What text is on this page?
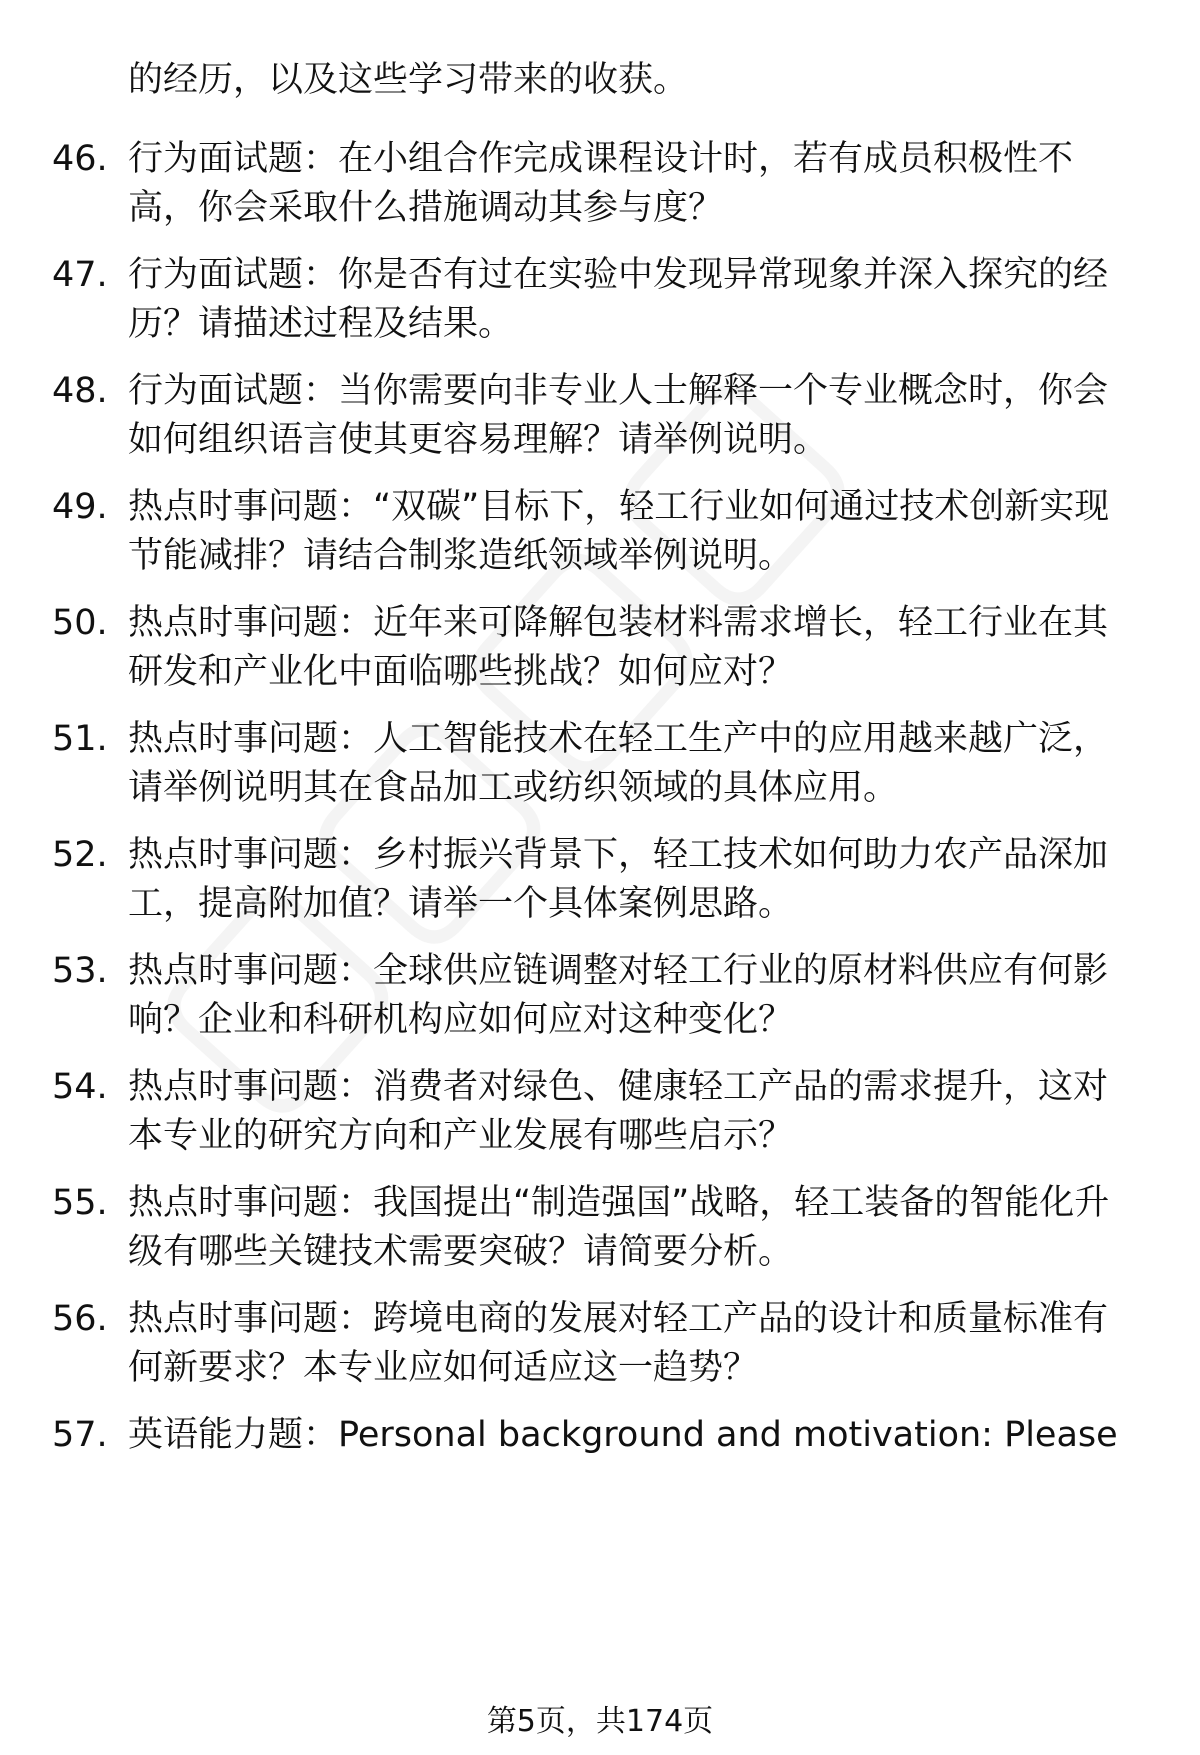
的经历，以及这些学习带来的收获。
46. 行为面试题：在小组合作完成课程设计时，若有成员积极性不高，你会采取什么措施调动其参与度？
47. 行为面试题：你是否有过在实验中发现异常现象并深入探究的经历？请描述过程及结果。
48. 行为面试题：当你需要向非专业人士解释一个专业概念时，你会如何组织语言使其更容易理解？请举例说明。
49. 热点时事问题：“双碳”目标下，轻工行业如何通过技术创新实现节能减排？请结合制浆造纸领域举例说明。
50. 热点时事问题：近年来可降解包装材料需求增长，轻工行业在其研发和产业化中面临哪些挑战？如何应对？
51. 热点时事问题：人工智能技术在轻工生产中的应用越来越广泛，请举例说明其在食品加工或纺织领域的具体应用。
52. 热点时事问题：乡村振兴背景下，轻工技术如何助力农产品深加工，提高附加值？请举一个具体案例思路。
53. 热点时事问题：全球供应链调整对轻工行业的原材料供应有何影响？企业和科研机构应如何应对这种变化？
54. 热点时事问题：消费者对绿色、健康轻工产品的需求提升，这对本专业的研究方向和产业发展有哪些启示？
55. 热点时事问题：我国提出“制造强国”战略，轻工装备的智能化升级有哪些关键技术需要突破？请简要分析。
56. 热点时事问题：跨境电商的发展对轻工产品的设计和质量标准有何新要求？本专业应如何适应这一趋势？
57. 英语能力题：Personal background and motivation: Please
第5页，共174页
